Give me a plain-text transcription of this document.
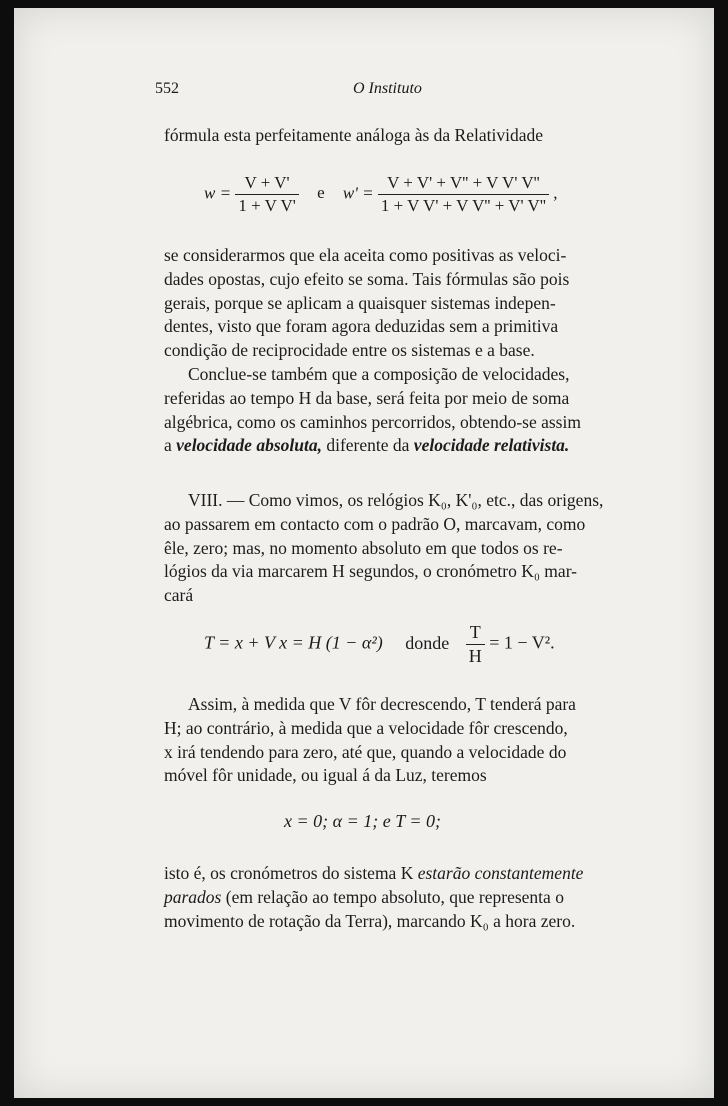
552	O Instituto

fórmula esta perfeitamente análoga às da Relatividade

$w = \frac{V + V'}{\text{1 + V V'}}$ e $w' = \frac{\text{V + V' + V'' + V V' V''}}{\text{1 + V V' + V V'' + V' V''}}$ ,
se considerarmos que ela aceita como positivas as veloci-
dades opostas, cujo efeito se soma. Tais fórmulas são pois
gerais, porque se aplicam a quaisquer sistemas indepen-
dentes, visto que foram agora deduzidas sem a primitiva
condição de reciprocidade entre os sistemas e a base.
Conclue-se também que a composição de velocidades,
referidas ao tempo H da base, será feita por meio de soma
algébrica, como os caminhos percorridos, obtendo-se assim
a velocidade absoluta, diferente da velocidade relativista.
VIII. — Como vimos, os relógios K₀, K'₀, etc., das origens,
ao passarem em contacto com o padrão O, marcavam, como
êle, zero; mas, no momento absoluto em que todos os re-
lógios da via marcarem H segundos, o cronómetro K₀ mar-
cará
T = x + V x = H (1 − α²) donde $\frac{T}{H} = 1 - V^2$.
Assim, à medida que V fôr decrescendo, T tenderá para
H; ao contrário, à medida que a velocidade fôr crescendo,
x irá tendendo para zero, até que, quando a velocidade do
móvel fôr unidade, ou igual á da Luz, teremos
x = 0; α = 1; e T = 0;
isto é, os cronómetros do sistema K estarão constantemente
parados (em relação ao tempo absoluto, que representa o
movimento de rotação da Terra), marcando K₀ a hora zero.
